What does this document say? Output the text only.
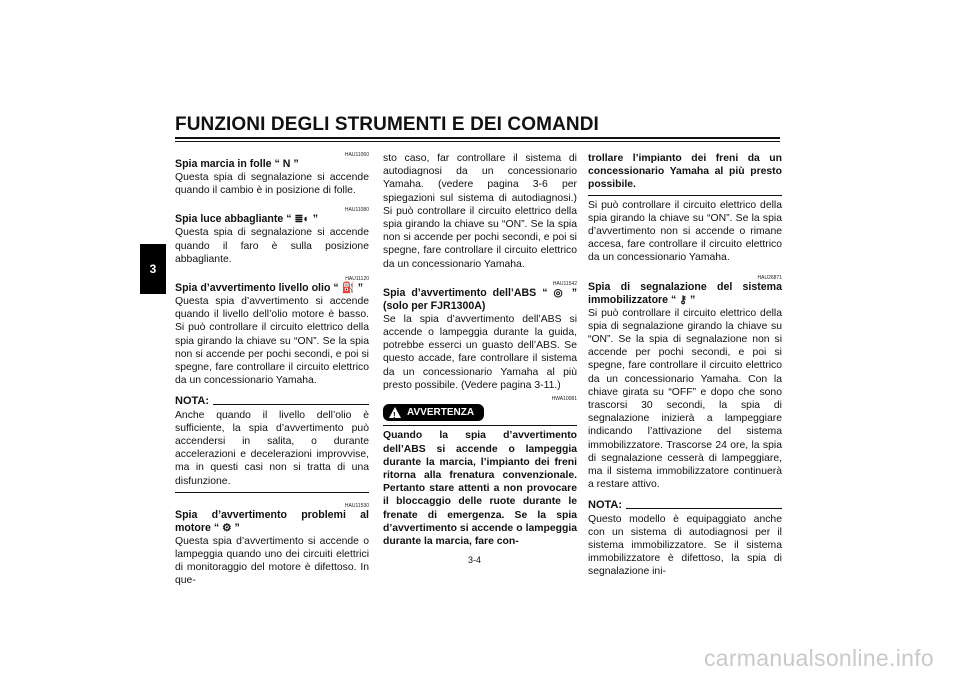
FUNZIONI DEGLI STRUMENTI E DEI COMANDI
3
HAU11060

Spia marcia in folle “ N ”

Questa spia di segnalazione si accende quando il cambio è in posizione di folle.

HAU11080

Spia luce abbagliante “ ≣◐ ”

Questa spia di segnalazione si accende quando il faro è sulla posizione abbagliante.

HAU11120

Spia d’avvertimento livello olio “ ⛽ ”

Questa spia d’avvertimento si accende quando il livello dell’olio motore è basso. Si può controllare il circuito elettrico della spia girando la chiave su “ON”. Se la spia non si accende per pochi secondi, e poi si spegne, fare controllare il circuito elettrico da un concessionario Yamaha.

NOTA:

Anche quando il livello dell’olio è sufficiente, la spia d’avvertimento può accendersi in salita, o durante accelerazioni e decelerazioni improvvise, ma in questi casi non si tratta di una disfunzione.

HAU11530

Spia d’avvertimento problemi al motore “ ⚙ ”

Questa spia d’avvertimento si accende o lampeggia quando uno dei circuiti elettrici di monitoraggio del motore è difettoso. In que-

sto caso, far controllare il sistema di autodiagnosi da un concessionario Yamaha. (vedere pagina 3-6 per spiegazioni sul sistema di autodiagnosi.) Si può controllare il circuito elettrico della spia girando la chiave su “ON”. Se la spia non si accende per pochi secondi, e poi si spegne, fare controllare il circuito elettrico da un concessionario Yamaha.

HAU11542

Spia d’avvertimento dell’ABS “ ◎ ” (solo per FJR1300A)

Se la spia d’avvertimento dell’ABS si accende o lampeggia durante la guida, potrebbe esserci un guasto dell’ABS. Se questo accade, fare controllare il sistema da un concessionario Yamaha al più presto possibile. (Vedere pagina 3-11.)

HWA10081
! AVVERTENZA

Quando la spia d’avvertimento dell’ABS si accende o lampeggia durante la marcia, l’impianto dei freni ritorna alla frenatura convenzionale. Pertanto stare attenti a non provocare il bloccaggio delle ruote durante le frenate di emergenza. Se la spia d’avvertimento si accende o lampeggia durante la marcia, fare con-

trollare l’impianto dei freni da un concessionario Yamaha al più presto possibile.

Si può controllare il circuito elettrico della spia girando la chiave su “ON”. Se la spia d’avvertimento non si accende o rimane accesa, fare controllare il circuito elettrico da un concessionario Yamaha.

HAU26871

Spia di segnalazione del sistema immobilizzatore “ ⚷ ”

Si può controllare il circuito elettrico della spia di segnalazione girando la chiave su “ON”. Se la spia di segnalazione non si accende per pochi secondi, e poi si spegne, fare controllare il circuito elettrico da un concessionario Yamaha. Con la chiave girata su “OFF” e dopo che sono trascorsi 30 secondi, la spia di segnalazione inizierà a lampeggiare indicando l’attivazione del sistema immobilizzatore. Trascorse 24 ore, la spia di segnalazione cesserà di lampeggiare, ma il sistema immobilizzatore continuerà a restare attivo.

NOTA:

Questo modello è equipaggiato anche con un sistema di autodiagnosi per il sistema immobilizzatore. Se il sistema immobilizzatore è difettoso, la spia di segnalazione ini-

3-4
carmanualsonline.info
